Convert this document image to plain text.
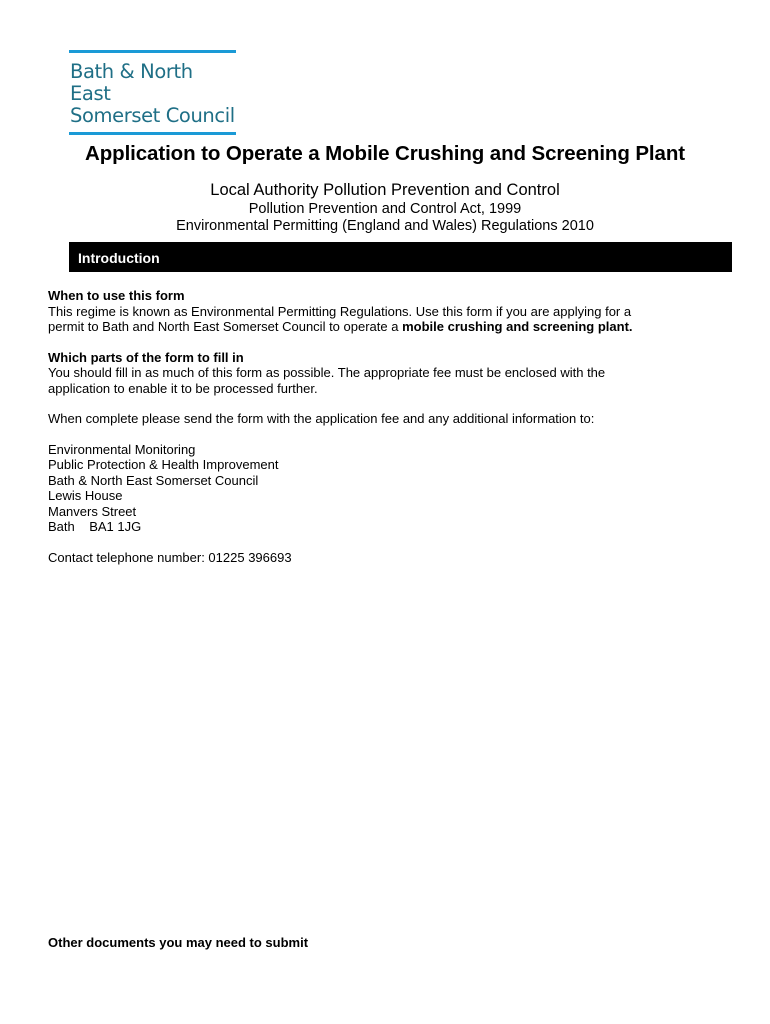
Bath & North East
Somerset Council
Application to Operate a Mobile Crushing and Screening Plant
Local Authority Pollution Prevention and Control
Pollution Prevention and Control Act, 1999
Environmental Permitting (England and Wales) Regulations 2010
Introduction

When to use this form

This regime is known as Environmental Permitting Regulations. Use this form if you are applying for a

permit to Bath and North East Somerset Council to operate a mobile crushing and screening plant.

Which parts of the form to fill in

You should fill in as much of this form as possible. The appropriate fee must be enclosed with the

application to enable it to be processed further.

When complete please send the form with the application fee and any additional information to:

Environmental Monitoring

Public Protection & Health Improvement

Bath & North East Somerset Council

Lewis House

Manvers Street

Bath    BA1 1JG

Contact telephone number: 01225 396693

Other documents you may need to submit
